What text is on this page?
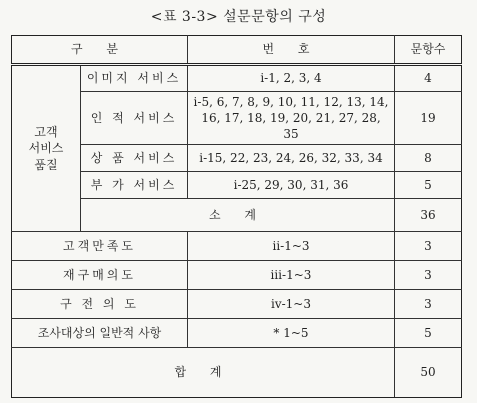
<표 3-3> 설문문항의 구성
구 분		번 호	문항수

고객
서비스
품질	이미지 서비스	ⅰ-1, 2, 3, 4	4
	인 적 서비스	ⅰ-5, 6, 7, 8, 9, 10, 11, 12, 13, 14,
16, 17, 18, 19, 20, 21, 27, 28, 35	19
	상 품 서비스	ⅰ-15, 22, 23, 24, 26, 32, 33, 34	8
	부 가 서비스	ⅰ-25, 29, 30, 31, 36	5
	소 계		36
고객만족도		ⅱ-1~3	3
재구매의도		ⅲ-1~3	3
구 전 의 도		ⅳ-1~3	3
조사대상의 일반적 사항		* 1~5	5
합 계			50
